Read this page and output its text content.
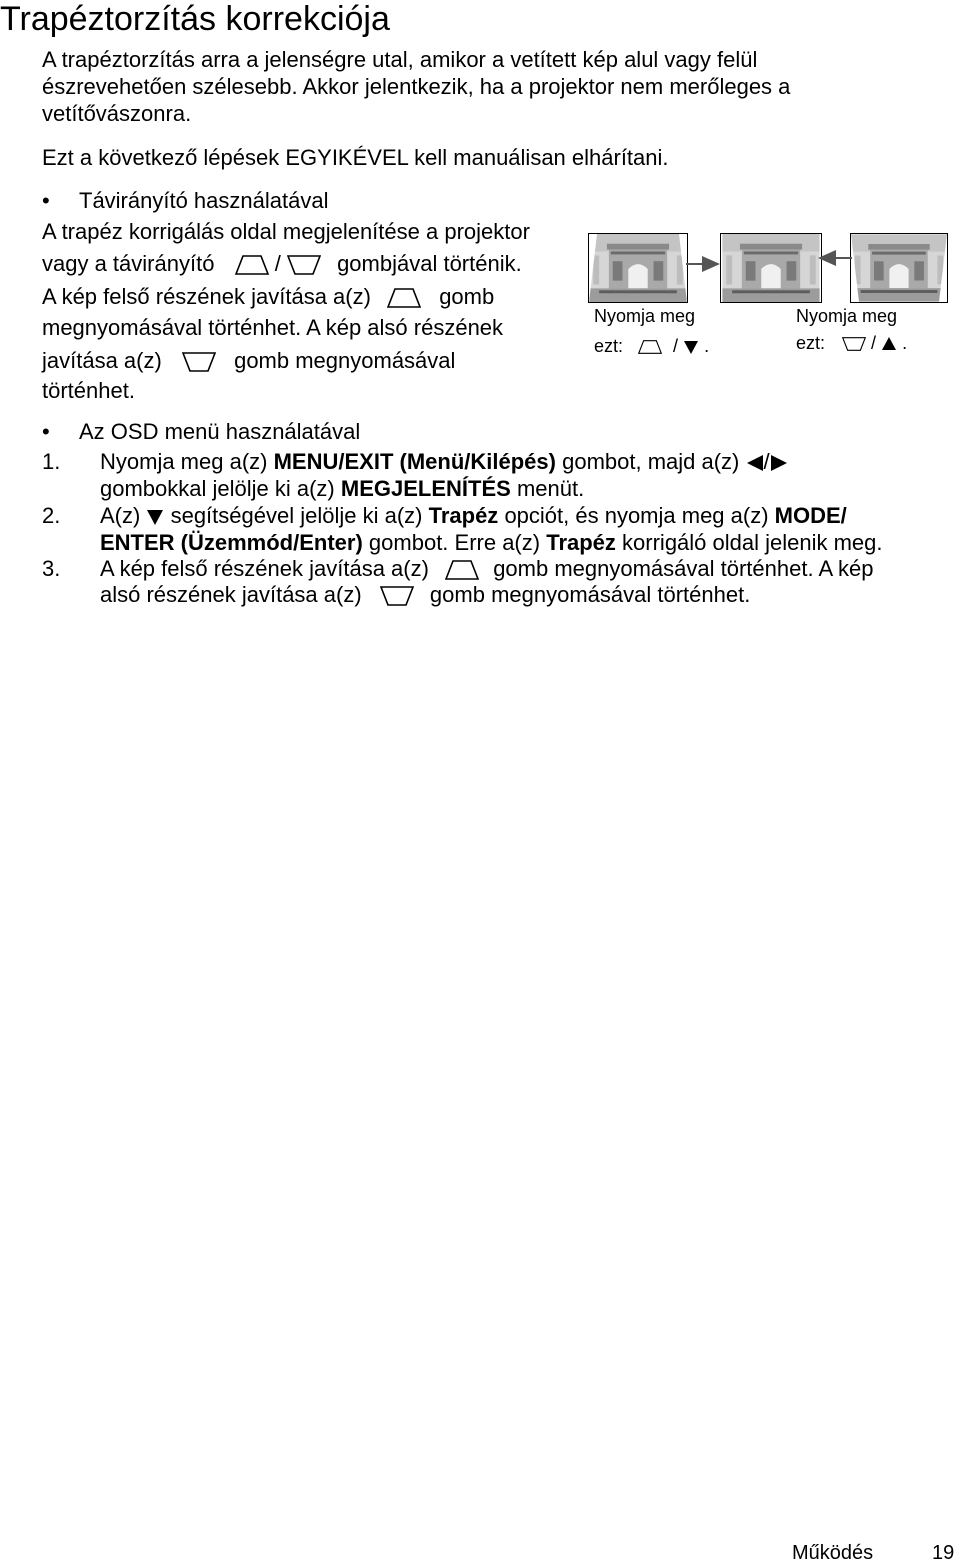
Trapéztorzítás korrekciója
A trapéztorzítás arra a jelenségre utal, amikor a vetített kép alul vagy felül
észrevehetően szélesebb. Akkor jelentkezik, ha a projektor nem merőleges a
vetítővászonra.
Ezt a következő lépések EGYIKÉVEL kell manuálisan elhárítani.
• Távirányító használatával
A trapéz korrigálás oldal megjelenítése a projektor
vagy a távirányító	/	gombjával történik.
A kép felső részének javítása a(z)	gomb
megnyomásával történhet. A kép alsó részének
javítása a(z)	gomb megnyomásával
történhet.
Nyomja meg
ezt:	/ .
Nyomja meg
ezt:	/ .
• Az OSD menü használatával
1. Nyomja meg a(z) MENU/EXIT (Menü/Kilépés) gombot, majd a(z) /
gombokkal jelölje ki a(z) MEGJELENÍTÉS menüt.
2. A(z) segítségével jelölje ki a(z) Trapéz opciót, és nyomja meg a(z) MODE/
ENTER (Üzemmód/Enter) gombot. Erre a(z) Trapéz korrigáló oldal jelenik meg.
3. A kép felső részének javítása a(z)	gomb megnyomásával történhet. A kép
alsó részének javítása a(z)	gomb megnyomásával történhet.
Működés	19
